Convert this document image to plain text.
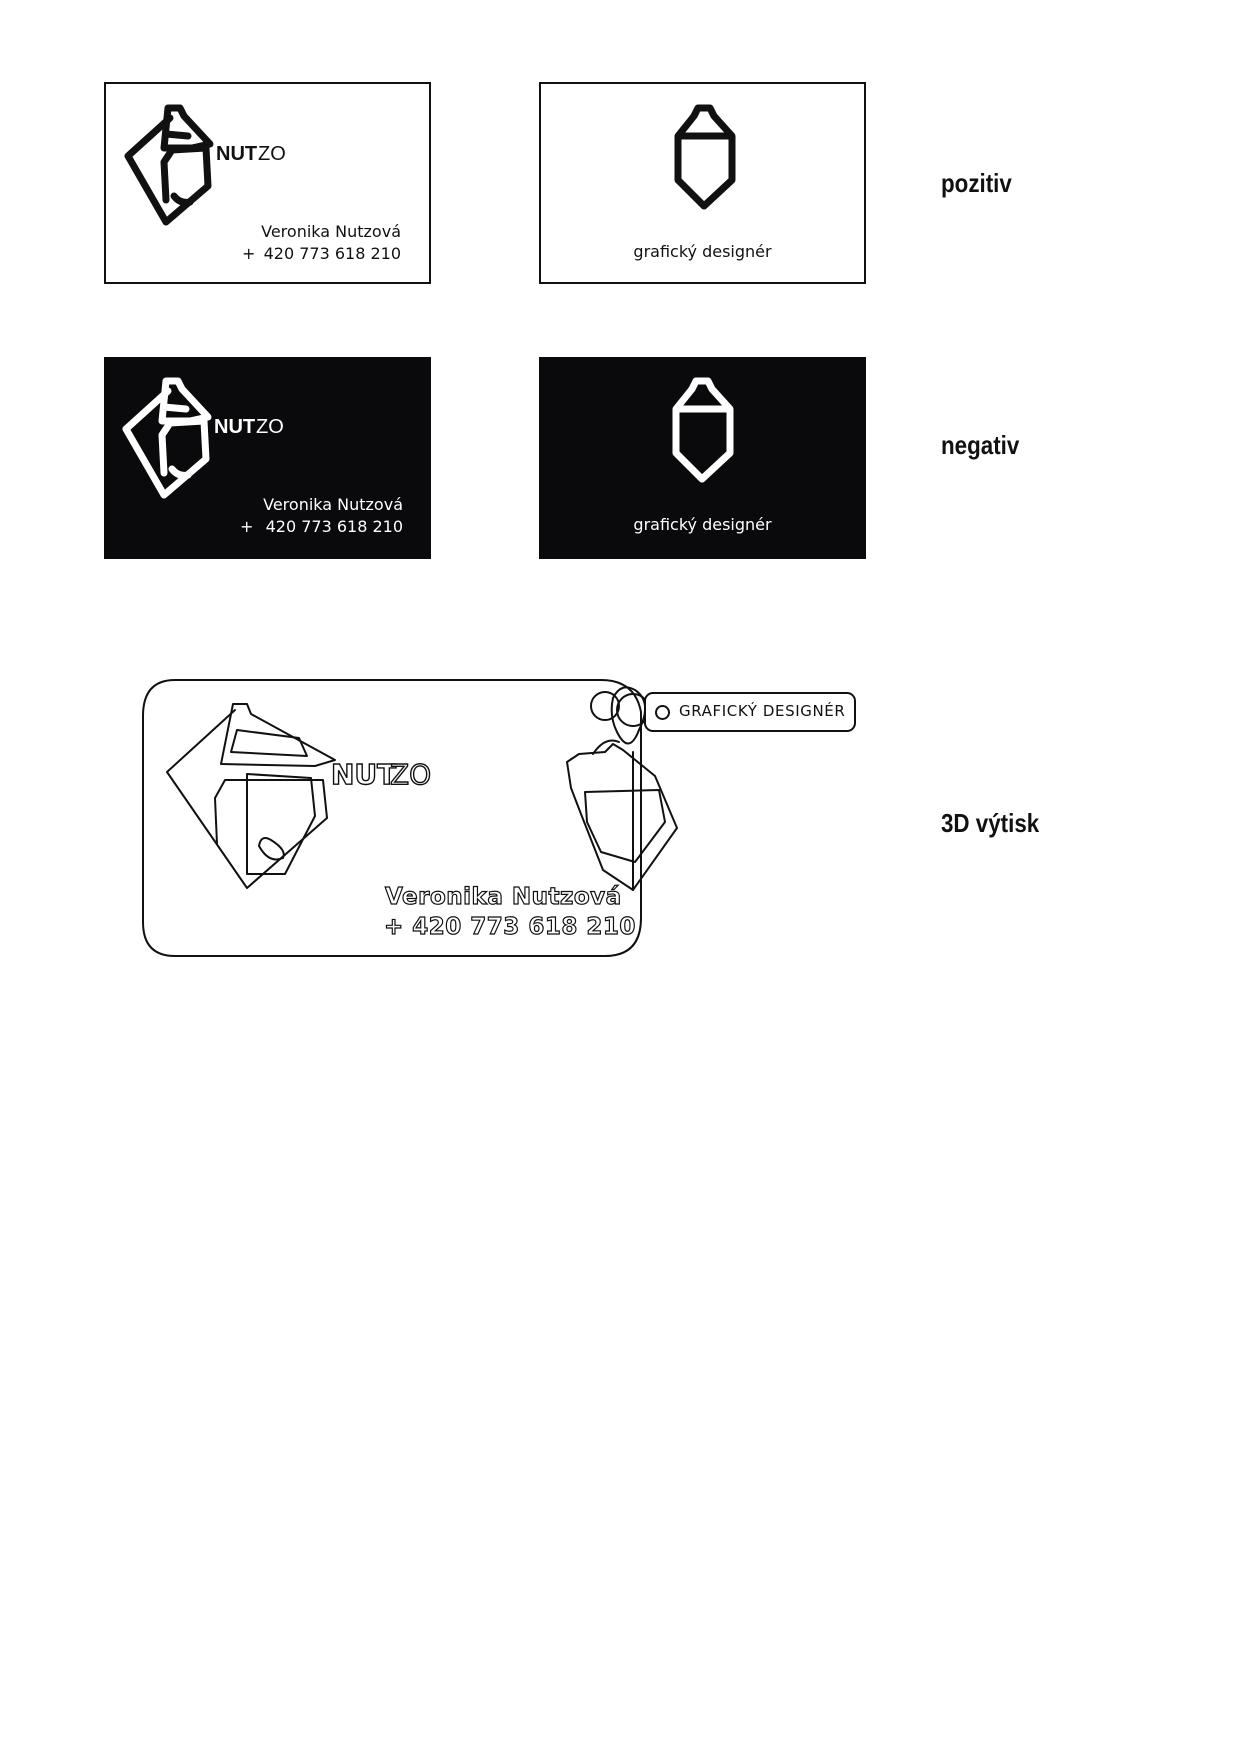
NUT ZO
Veronika Nutzová
+ 420 773 618 210	grafický designér
pozitiv
NUT ZO
Veronika Nutzová
+ 420 773 618 210	grafický designér
negativ
NUT
ZO
Veronika Nutzová
+ 420 773 618 210
GRAFICKÝ DESIGNÉR
3D výtisk
